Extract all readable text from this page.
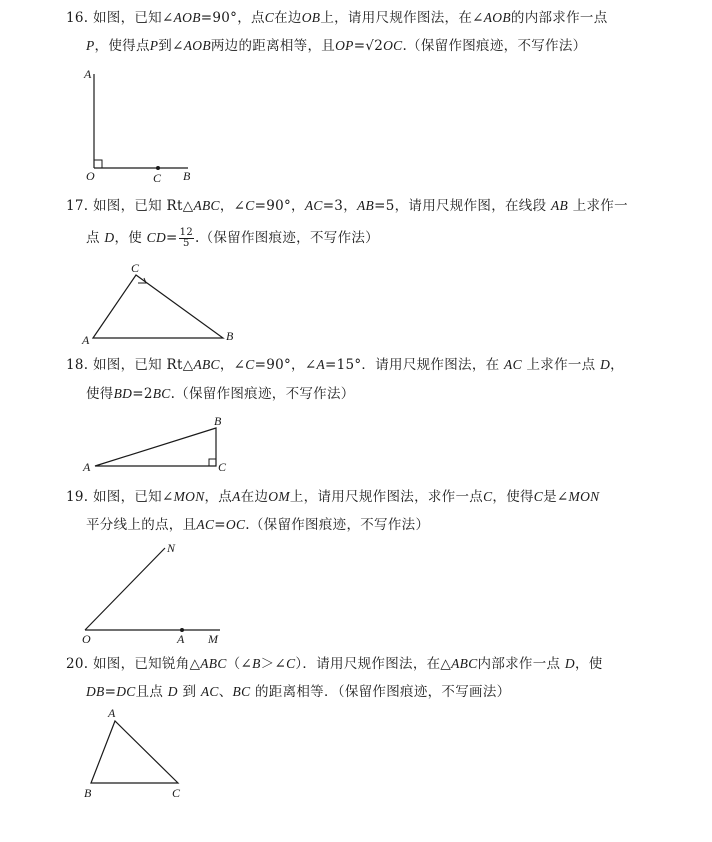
16. 如图，已知∠AOB=90°，点C在边OB上，请用尺规作图法，在∠AOB的内部求作一点
P，使得点P到∠AOB两边的距离相等，且OP=√2OC.（保留作图痕迹，不写作法）
A
O	C B
17. 如图，已知 Rt△ABC，∠C=90°，AC=3，AB=5，请用尺规作图，在线段 AB 上求作一
点 D，使 $CD= \frac{12}{5}$ .（保留作图痕迹，不写作法）
C
A	B
18. 如图，已知 Rt△ABC，∠C=90°，∠A=15°．请用尺规作图法，在 AC 上求作一点 D，
使得BD=2BC.（保留作图痕迹，不写作法）
B
A	C
19. 如图，已知∠MON，点A在边OM上，请用尺规作图法，求作一点C，使得C是∠MON
平分线上的点，且AC=OC.（保留作图痕迹，不写作法）
N
O	A M
20. 如图，已知锐角△ABC（∠B＞∠C）．请用尺规作图法，在△ABC内部求作一点 D，使
DB=DC且点 D 到 AC、BC 的距离相等．（保留作图痕迹，不写画法）
A
B	C
